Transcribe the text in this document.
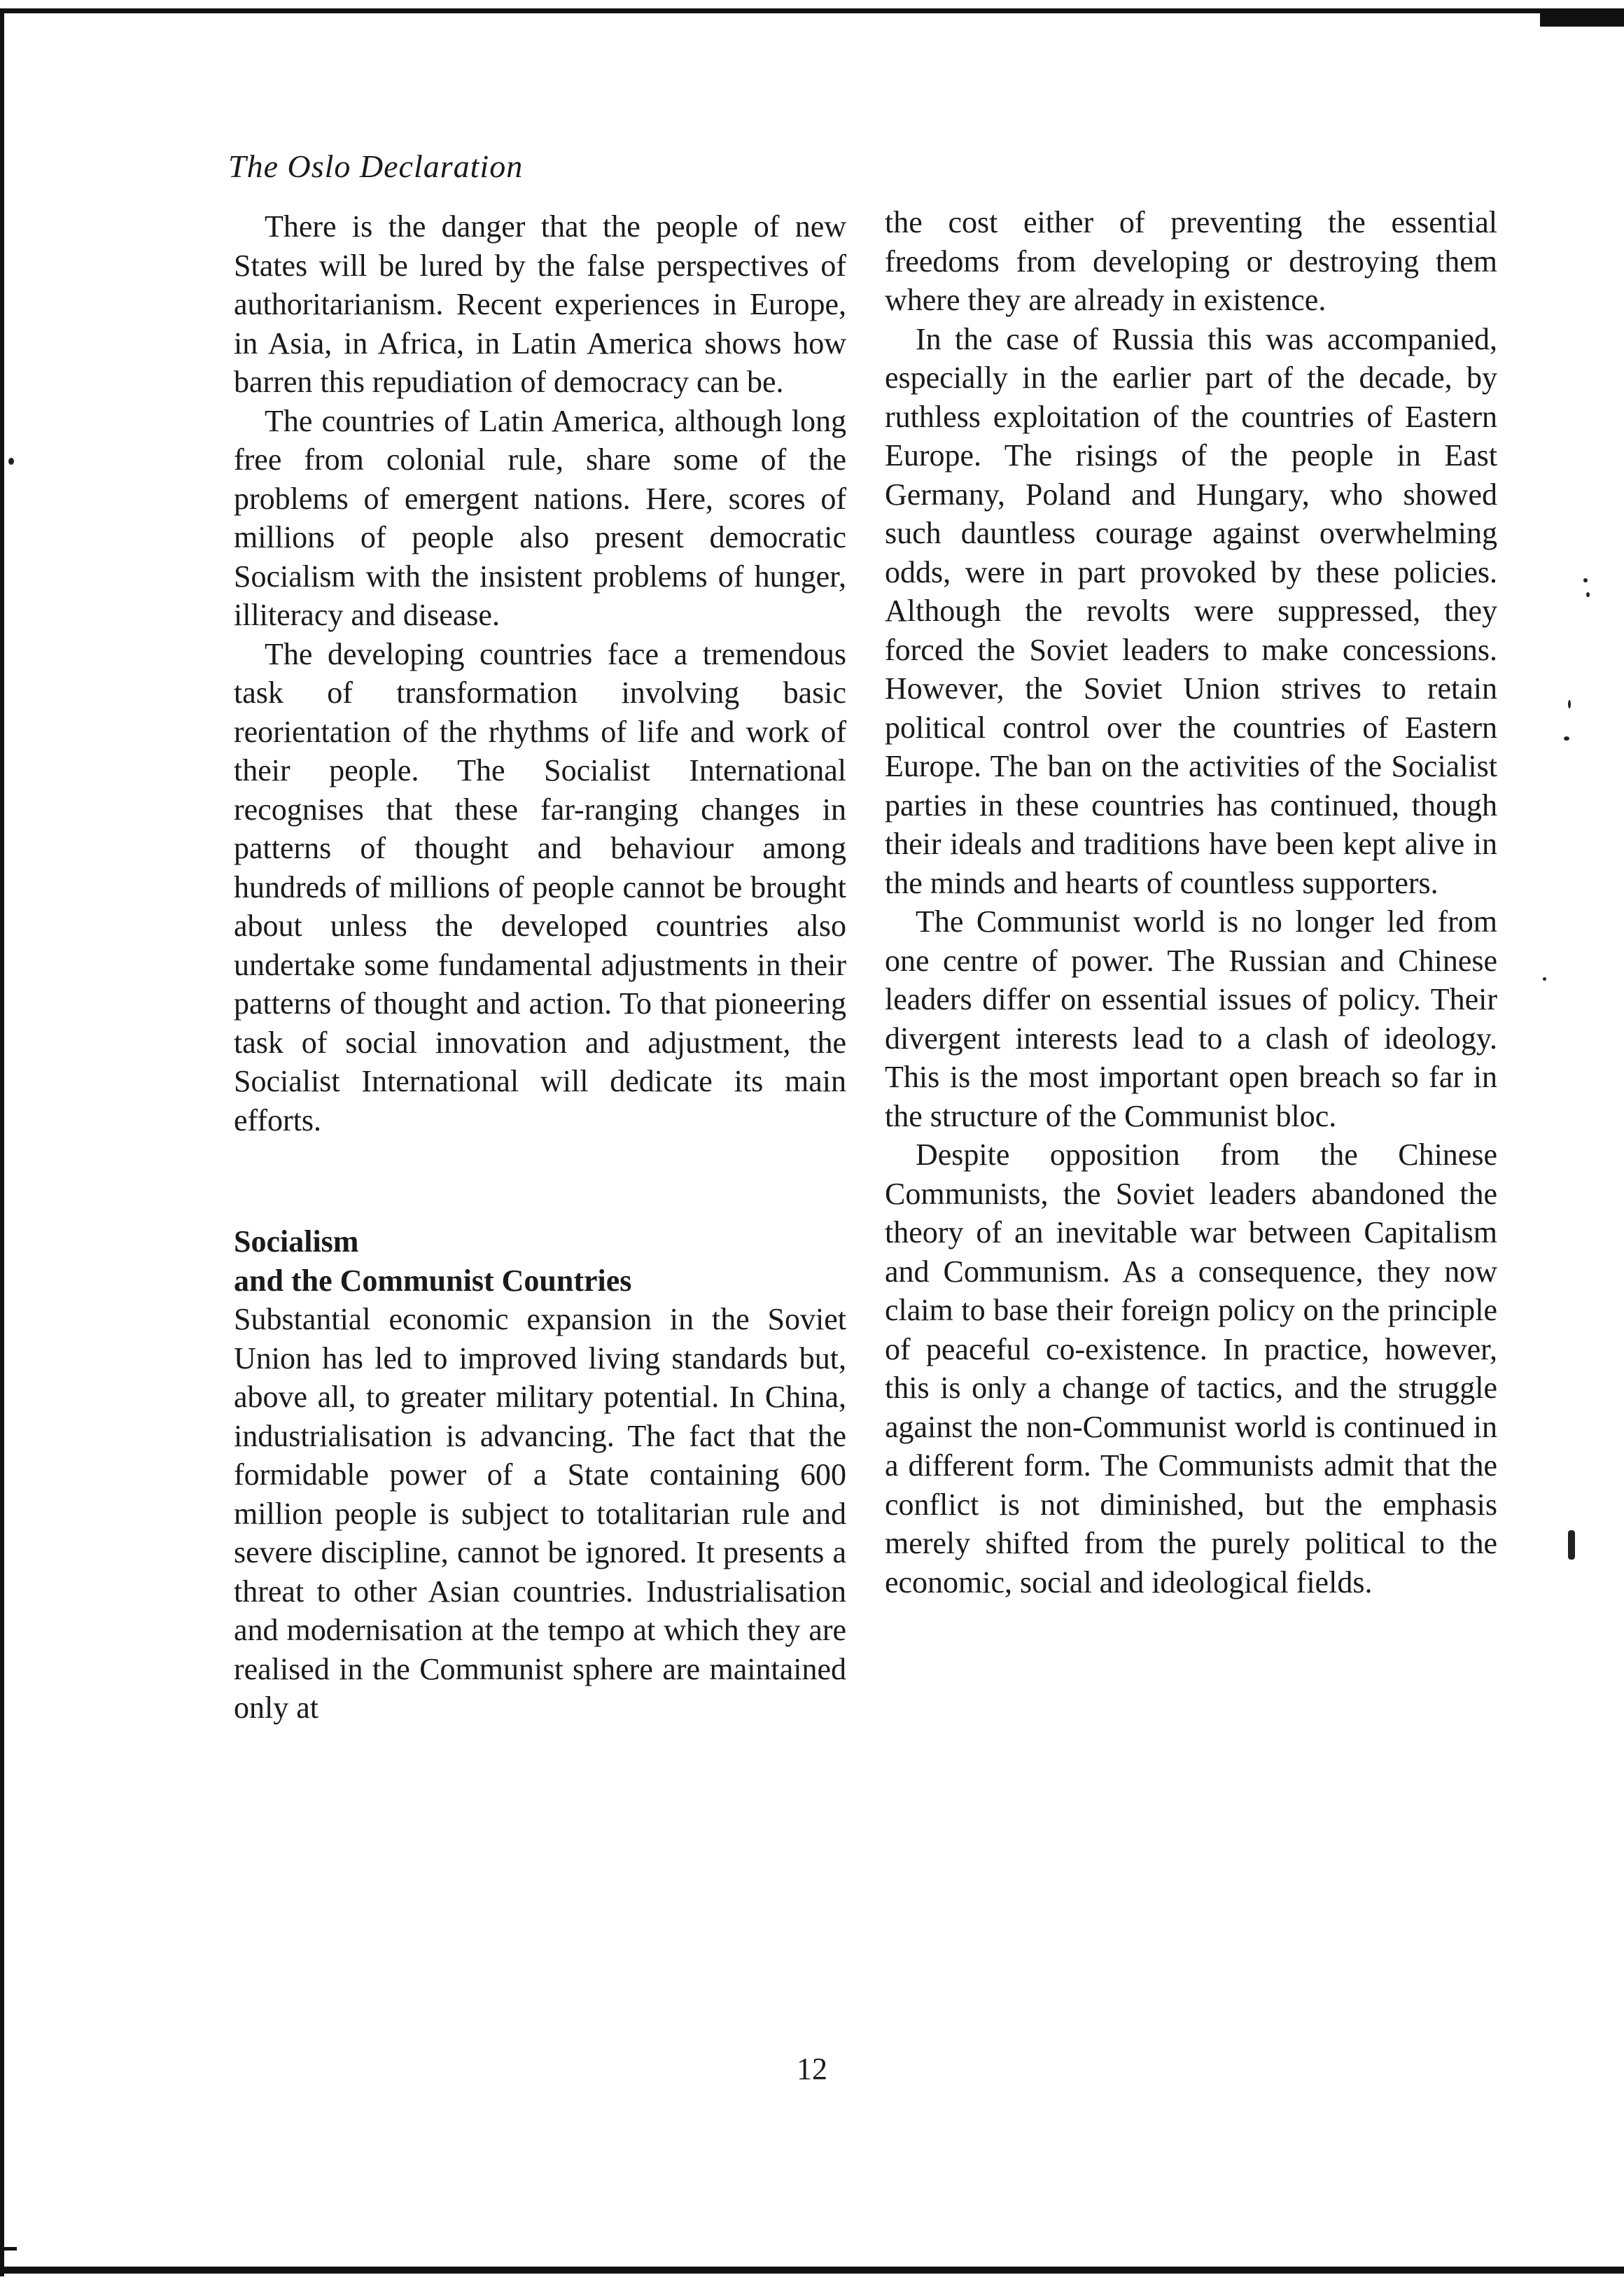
The Oslo Declaration

There is the danger that the people of new States will be lured by the false perspectives of authoritarianism. Recent experiences in Europe, in Asia, in Africa, in Latin America shows how barren this repudiation of democracy can be.

The countries of Latin America, although long free from colonial rule, share some of the problems of emergent nations. Here, scores of millions of people also present democratic Socialism with the insistent problems of hunger, illiteracy and disease.

The developing countries face a tremendous task of transformation involving basic reorientation of the rhythms of life and work of their people. The Socialist International recognises that these far-ranging changes in patterns of thought and behaviour among hundreds of millions of people cannot be brought about unless the developed countries also undertake some fundamental adjustments in their patterns of thought and action. To that pioneering task of social innovation and adjustment, the Socialist International will dedicate its main efforts.

Socialism
and the Communist Countries

Substantial economic expansion in the Soviet Union has led to improved living standards but, above all, to greater military potential. In China, industrialisation is advancing. The fact that the formidable power of a State containing 600 million people is subject to totalitarian rule and severe discipline, cannot be ignored. It presents a threat to other Asian countries. Industrialisation and modernisation at the tempo at which they are realised in the Communist sphere are maintained only at

the cost either of preventing the essential freedoms from developing or destroying them where they are already in existence.

In the case of Russia this was accompanied, especially in the earlier part of the decade, by ruthless exploitation of the countries of Eastern Europe. The risings of the people in East Germany, Poland and Hungary, who showed such dauntless courage against overwhelming odds, were in part provoked by these policies. Although the revolts were suppressed, they forced the Soviet leaders to make concessions. However, the Soviet Union strives to retain political control over the countries of Eastern Europe. The ban on the activities of the Socialist parties in these countries has continued, though their ideals and traditions have been kept alive in the minds and hearts of countless supporters.

The Communist world is no longer led from one centre of power. The Russian and Chinese leaders differ on essential issues of policy. Their divergent interests lead to a clash of ideology. This is the most important open breach so far in the structure of the Communist bloc.

Despite opposition from the Chinese Communists, the Soviet leaders abandoned the theory of an inevitable war between Capitalism and Communism. As a consequence, they now claim to base their foreign policy on the principle of peaceful co-existence. In practice, however, this is only a change of tactics, and the struggle against the non-Communist world is continued in a different form. The Communists admit that the conflict is not diminished, but the emphasis merely shifted from the purely political to the economic, social and ideological fields.

12
